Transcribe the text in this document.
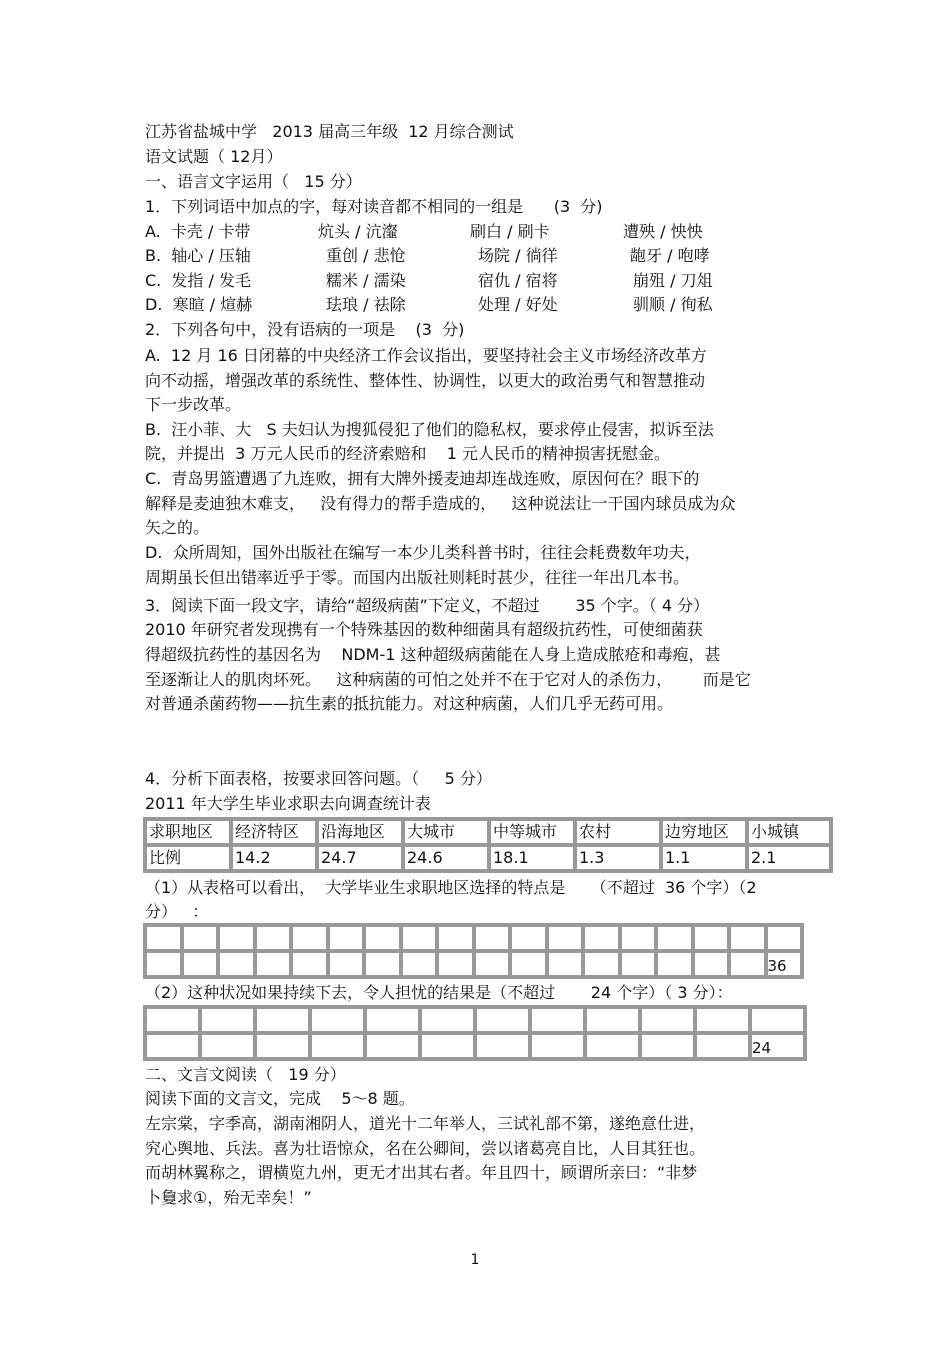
江苏省盐城中学   2013 届高三年级  12 月综合测试
语文试题（ 12月）
一、语言文字运用（   15 分）
1．下列词语中加点的字，每对读音都不相同的一组是      (3  分)
A.  卡壳 / 卡带	炕头 / 沆瀣	刷白 / 刷卡	遭殃 / 怏怏
B.  轴心 / 压轴	重创 / 悲怆	场院 / 徜徉	龅牙 / 咆哮
C.  发指 / 发毛	糯米 / 濡染	宿仇 / 宿将	崩殂 / 刀俎
D.  寒暄 / 煊赫	珐琅 / 祛除	处理 / 好处	驯顺 / 徇私
2．下列各句中，没有语病的一项是    (3  分)
A.  12 月 16 日闭幕的中央经济工作会议指出，要坚持社会主义市场经济改革方
向不动摇，增强改革的系统性、整体性、协调性，以更大的政治勇气和智慧推动
下一步改革。
B.  汪小菲、大   S 夫妇认为搜狐侵犯了他们的隐私权，要求停止侵害，拟诉至法
院，并提出  3 万元人民币的经济索赔和    1 元人民币的精神损害抚慰金。
C.  青岛男篮遭遇了九连败，拥有大牌外援麦迪却连战连败，原因何在？眼下的
解释是麦迪独木难支，   没有得力的帮手造成的，   这种说法让一干国内球员成为众
矢之的。
D.  众所周知，国外出版社在编写一本少儿类科普书时，往往会耗费数年功夫，
周期虽长但出错率近乎于零。而国内出版社则耗时甚少，往往一年出几本书。
3．阅读下面一段文字，请给“超级病菌”下定义，不超过       35 个字。（ 4 分）
2010 年研究者发现携有一个特殊基因的数种细菌具有超级抗药性，可使细菌获
得超级抗药性的基因名为    NDM-1 这种超级病菌能在人身上造成脓疮和毒疱，甚
至逐渐让人的肌肉坏死。   这种病菌的可怕之处并不在于它对人的杀伤力，      而是它
对普通杀菌药物——抗生素的抵抗能力。对这种病菌，人们几乎无药可用。
4．分析下面表格，按要求回答问题。（     5 分）
2011 年大学生毕业求职去向调查统计表
求职地区	经济特区	沿海地区	大城市	中等城市	农村	边穷地区	小城镇
比例	14.2	24.7	24.6	18.1	1.3	1.1	2.1
（1）从表格可以看出，  大学毕业生求职地区选择的特点是     （不超过  36 个字）（2
分）   ：

																	36
（2）这种状况如果持续下去，令人担忧的结果是（不超过       24 个字）（ 3 分）：

											24
二、文言文阅读（   19 分）
阅读下面的文言文，完成    5～8 题。
左宗棠，字季高，湖南湘阴人，道光十二年举人，三试礼部不第，遂绝意仕进，
究心舆地、兵法。喜为壮语惊众，名在公卿间，尝以诸葛亮自比，人目其狂也。
而胡林翼称之，谓横览九州，更无才出其右者。年且四十，顾谓所亲曰：“非梦
卜敻求①，殆无幸矣！”
1
